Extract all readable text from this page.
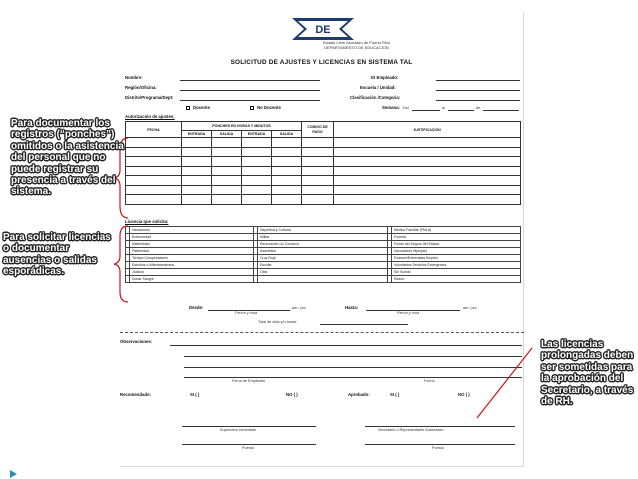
DE
Estado Libre Asociado de Puerto Rico
DEPARTAMENTO DE EDUCACION
SOLICITUD DE AJUSTES Y LICENCIAS EN SISTEMA TAL
Nombre:
Región/Oficina:
Distrito/Programa/Dept:
ID Empleado:
Escuela / Unidad:
Clasificación /Categoria:
Docente	No Docente	Semana: Del	al	de
Autorización de ajustes:
FECHA	PONCHES EN HORAS Y MINUTOS				CODIGO DE PAGO	JUSTIFICACIÓN
	ENTRADA	SALIDA	ENTRADA	SALIDA		

Licencia que solicita:
	Vacaciones		Deportiva y Cultural		Médico Familiar (FMLA)
	Enfermedad		Militar		Funeral
	Maternidad		Renovación Lic Conducir		Fondo del Seguro del Estado
	Paternidad		Asamblea		Vacunación Hijos(as)
	Tiempo Compensatorio		Cruz Roja		Examen/Entrevistas Empleo
	Estudios o Adiestramientos		Escolar		Voluntarios Servicios Emergencia
	Judicial		Otra:		Sin Sueldo
	Donar Sangre				Razón:
Desde:	am / pm
Fecha y hora
Hasta:	am / pm
Fecha y hora
Total de días y/u horas:
Observaciones:
Firma de Empleado	Fecha
Recomendado:	SI ( )	NO ( )	Aprobado:	SI ( )	NO ( )
Supervisor Inmediato	Secretario o Representante Autorizado
Puesto	Puesto
Para documentar los registros (“ponches”) omitidos o la asistencia del personal que no puede registrar su presencia a través del sistema.
Para solicitar licencias o documentar ausencias o salidas esporádicas.
Las licencias prolongadas deben ser sometidas para la aprobación del Secretario, a través de RH.
